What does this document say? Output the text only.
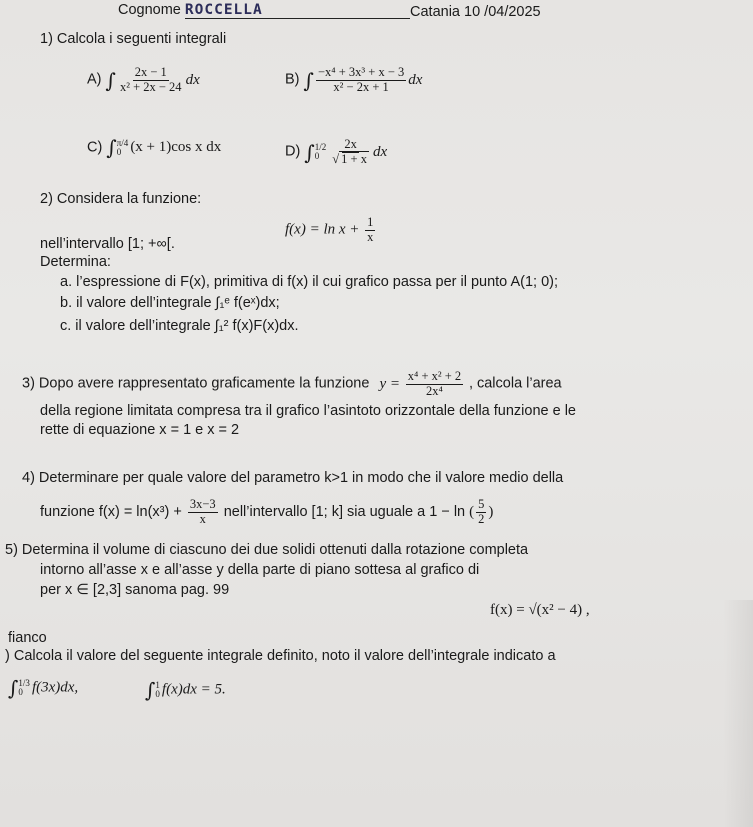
Cognome ROCCELLA	Catania 10 /04/2025
1) Calcola i seguenti integrali
A) ∫ $\frac{2x - 1}{\text{x² + 2x − 24}}$ dx	B) ∫ $\frac{\text{−x⁴ + 3x³ + x − 3}}{\text{x² − 2x + 1}}$ dx
C) ∫ π/4
0 (x + 1)cos x dx	D) ∫ 1/2
$0 \frac{2x}{√ 1 + x}$ dx
2) Considera la funzione:
$f(x) = \ln x + \frac{1}{x}$
nell’intervallo [1; +∞[.
Determina:
a. l’espressione di F(x), primitiva di f(x) il cui grafico passa per il punto A(1; 0);
b. il valore dell’integrale ∫₁ᵉ f(eˣ)dx;
c. il valore dell’integrale ∫₁² f(x)F(x)dx.
3) Dopo avere rappresentato graficamente la funzione $y = \frac{\text{x⁴ + x² + 2}}{\text{2x⁴}}$ , calcola l’area
della regione limitata compresa tra il grafico l’asintoto orizzontale della funzione e le
rette di equazione x = 1 e x = 2
4) Determinare per quale valore del parametro k>1 in modo che il valore medio della
funzione $f(x) = \ln(x^3) + \frac{3x-3}{x}$ nell’intervallo [1; k] sia uguale a 1 − ln ( $\frac{5}{2}$ )
5) Determina il volume di ciascuno dei due solidi ottenuti dalla rotazione completa
intorno all’asse x e all’asse y della parte di piano sottesa al grafico di
f(x) = √(x² − 4) ,
per x ∈ [2,3] sanoma pag. 99
fianco
) Calcola il valore del seguente integrale definito, noto il valore dell’integrale indicato a
∫ 1/3
0 f(3x)dx,	∫ 1
0 f(x)dx = 5.
